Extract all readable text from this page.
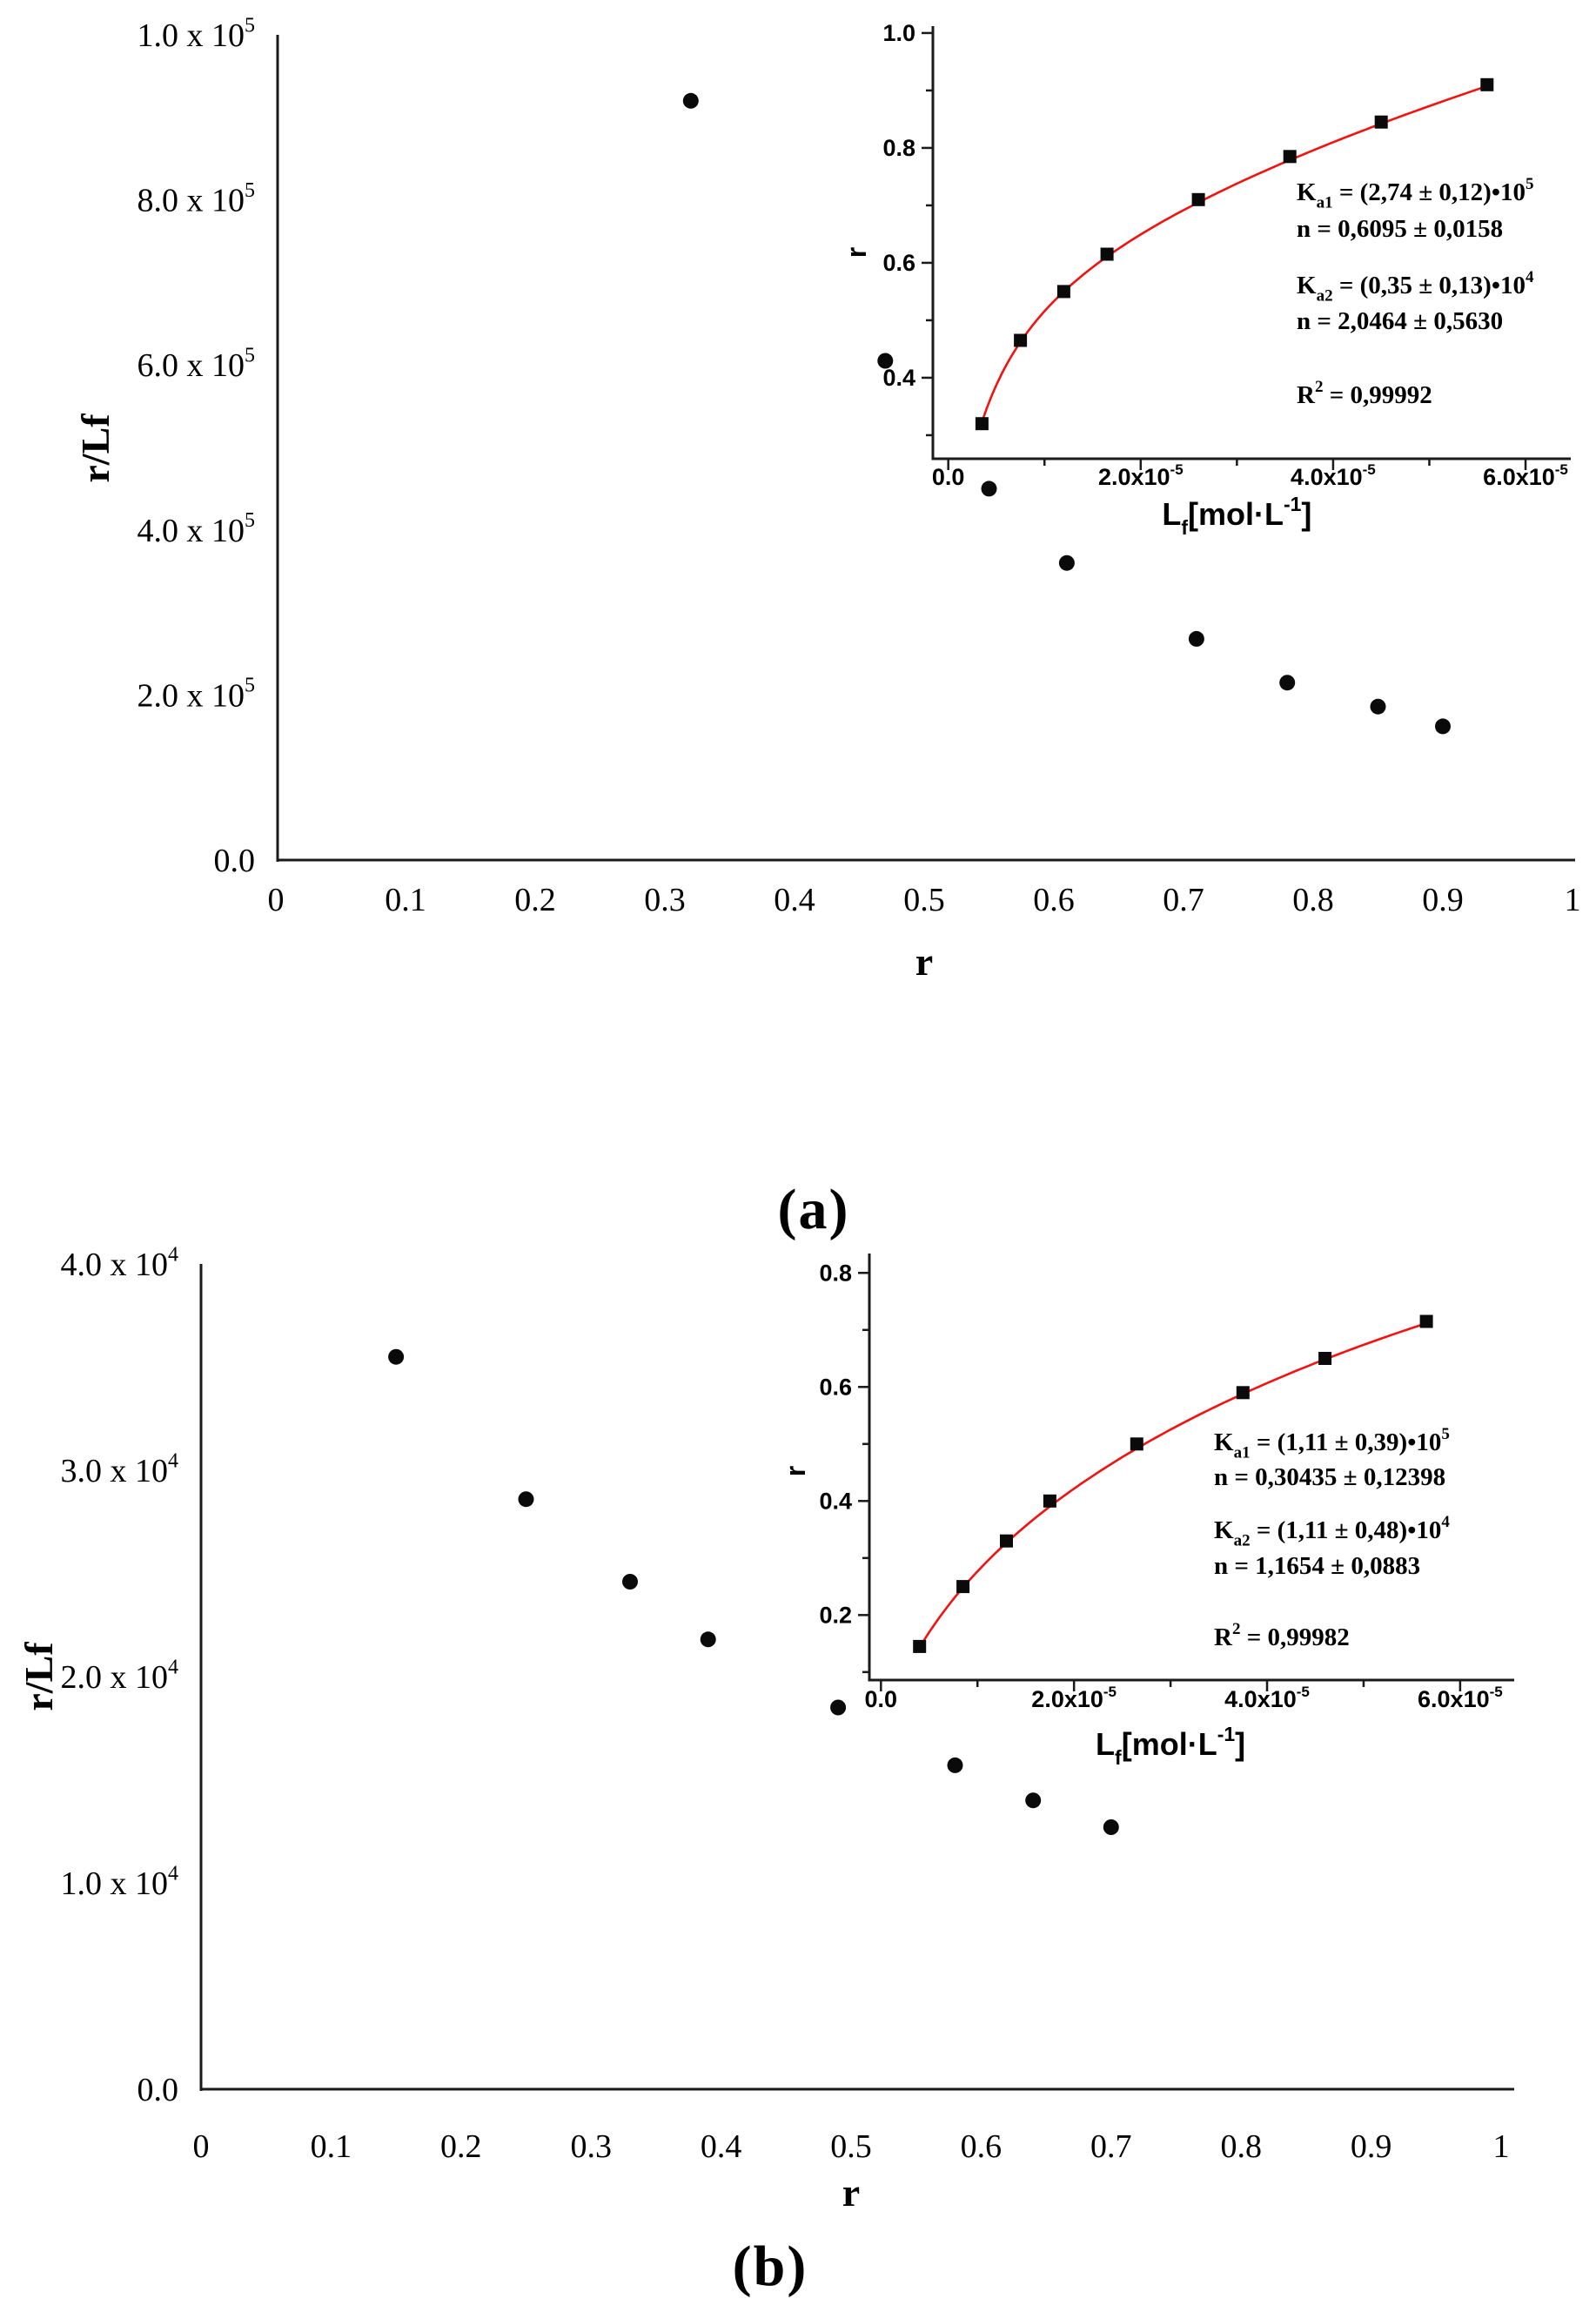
1.0 x $10^5$
8.0 x $10^5$
6.0 x $10^5$
4.0 x $10^5$
2.0 x $10^5$
0.0
0	0.1	0.2	0.3	0.4	0.5	0.6	0.7	0.8	0.9	1
r
r/Lf	0.0	$2.0x10^{-5}$	$4.0x10^{-5}$	$6.0x10^{-5}$
1.0
0.8
0.6
0.4
$L_f[mol\cdot L^{-1}]$
r
$K_{a1} = (2,74$ ± $0,12)•10^5$
n = 0,6095 ± 0,0158
$K_{a2} = (0,35$ ± $0,13)•10^4$
n = 2,0464 ± 0,5630
$R^2 = 0,99992$
4.0 x $10^4$
3.0 x $10^4$
2.0 x $10^4$
1.0 x $10^4$
0.0
0	0.1	0.2	0.3	0.4	0.5	0.6	0.7	0.8	0.9	1
r
r/Lf	0.0	$2.0x10^{-5}$	$4.0x10^{-5}$	$6.0x10^{-5}$
0.8
0.6
0.4
0.2
$L_f[mol\cdot L^{-1}]$
r
$K_{a1} = (1,11$ ± $0,39)•10^5$
n = 0,30435 ± 0,12398
$K_{a2} = (1,11$ ± $0,48)•10^4$
n = 1,1654 ± 0,0883
$R^2 = 0,99982$
(a)
(b)
